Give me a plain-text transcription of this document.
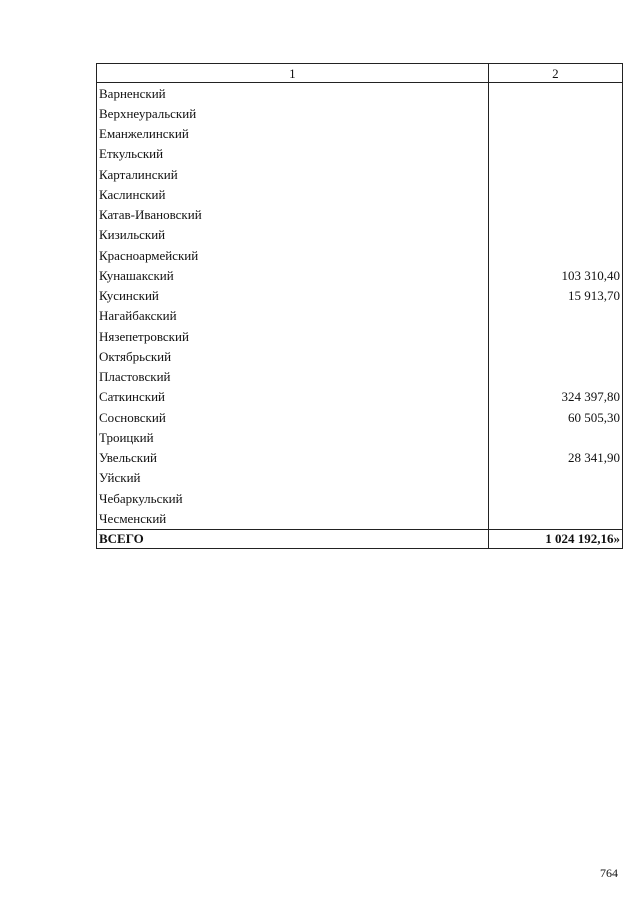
1	2
Варненский	
Верхнеуральский	
Еманжелинский	
Еткульский	
Карталинский	
Каслинский	
Катав-Ивановский	
Кизильский	
Красноармейский	
Кунашакский	103 310,40
Кусинский	15 913,70
Нагайбакский	
Нязепетровский	
Октябрьский	
Пластовский	
Саткинский	324 397,80
Сосновский	60 505,30
Троицкий	
Увельский	28 341,90
Уйский	
Чебаркульский	
Чесменский	
ВСЕГО	1 024 192,16»
764
